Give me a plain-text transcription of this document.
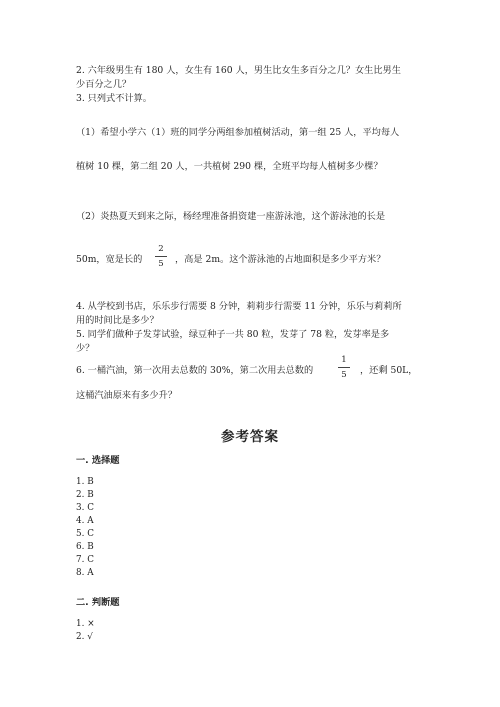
2. 六年级男生有 180 人，女生有 160 人，男生比女生多百分之几？女生比男生
少百分之几？
3. 只列式不计算。
（1）希望小学六（1）班的同学分两组参加植树活动，第一组 25 人，平均每人
植树 10 棵，第二组 20 人，一共植树 290 棵，全班平均每人植树多少棵？
（2）炎热夏天到来之际，杨经理准备捐资建一座游泳池，这个游泳池的长是
50m，宽是长的
2
5	，高是 2m。这个游泳池的占地面积是多少平方米？
4. 从学校到书店，乐乐步行需要 8 分钟，莉莉步行需要 11 分钟，乐乐与莉莉所
用的时间比是多少？
5. 同学们做种子发芽试验，绿豆种子一共 80 粒，发芽了 78 粒，发芽率是多
少？
6. 一桶汽油，第一次用去总数的 30%，第二次用去总数的
1
5	，还剩 50L，
这桶汽油原来有多少升？
参考答案
一. 选择题
1. B
2. B
3. C
4. A
5. C
6. B
7. C
8. A
二. 判断题
1. ×
2. √
